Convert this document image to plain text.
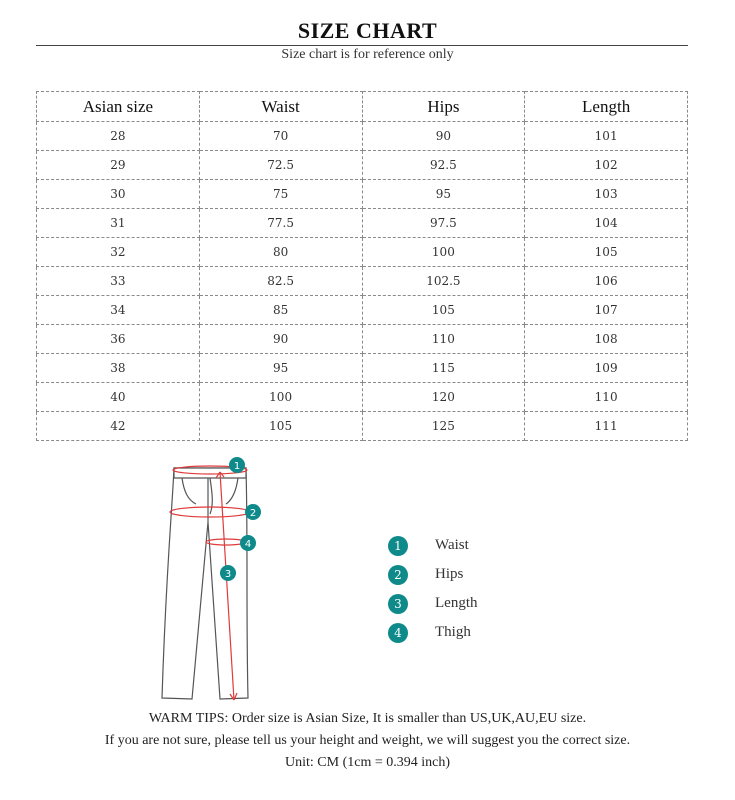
SIZE CHART
Size chart is for reference only
Asian size	Waist	Hips	Length
28	70	90	101
29	72.5	92.5	102
30	75	95	103
31	77.5	97.5	104
32	80	100	105
33	82.5	102.5	106
34	85	105	107
36	90	110	108
38	95	115	109
40	100	120	110
42	105	125	111
1
2
3
4	1	Waist
2	Hips
3	Length
4	Thigh
WARM TIPS: Order size is Asian Size, It is smaller than US,UK,AU,EU size.
If you are not sure, please tell us your height and weight, we will suggest you the correct size.
Unit: CM (1cm = 0.394 inch)
